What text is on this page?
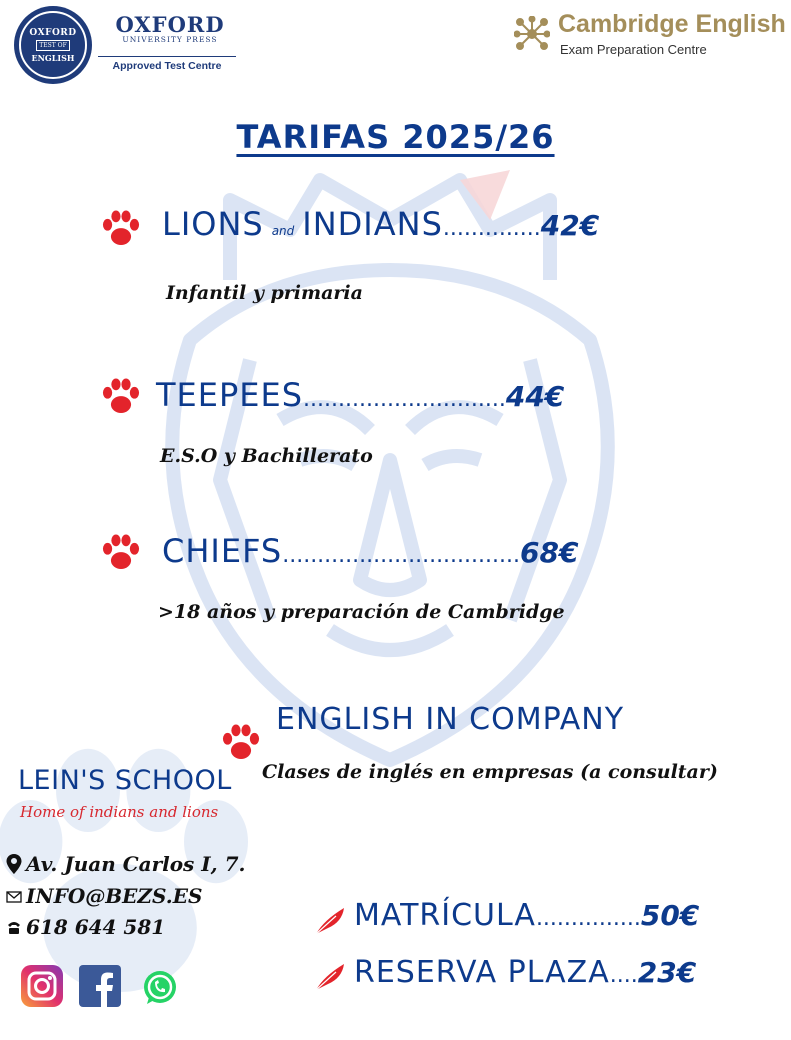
OXFORD
TEST OF
ENGLISH
OXFORD
UNIVERSITY PRESS
Approved Test Centre
Cambridge English
Exam Preparation Centre
TARIFAS 2025/26
LIONS and INDIANS..............42€
Infantil y primaria
TEEPEES.............................44€
E.S.O y Bachillerato
CHIEFS..................................68€
>18 años y preparación de Cambridge
ENGLISH IN COMPANY
Clases de inglés en empresas (a consultar)
LEIN'S SCHOOL
Home of indians and lions
Av. Juan Carlos I, 7.
INFO@BEZS.ES
618 644 581	MATRÍCULA...............50€
RESERVA PLAZA....23€
